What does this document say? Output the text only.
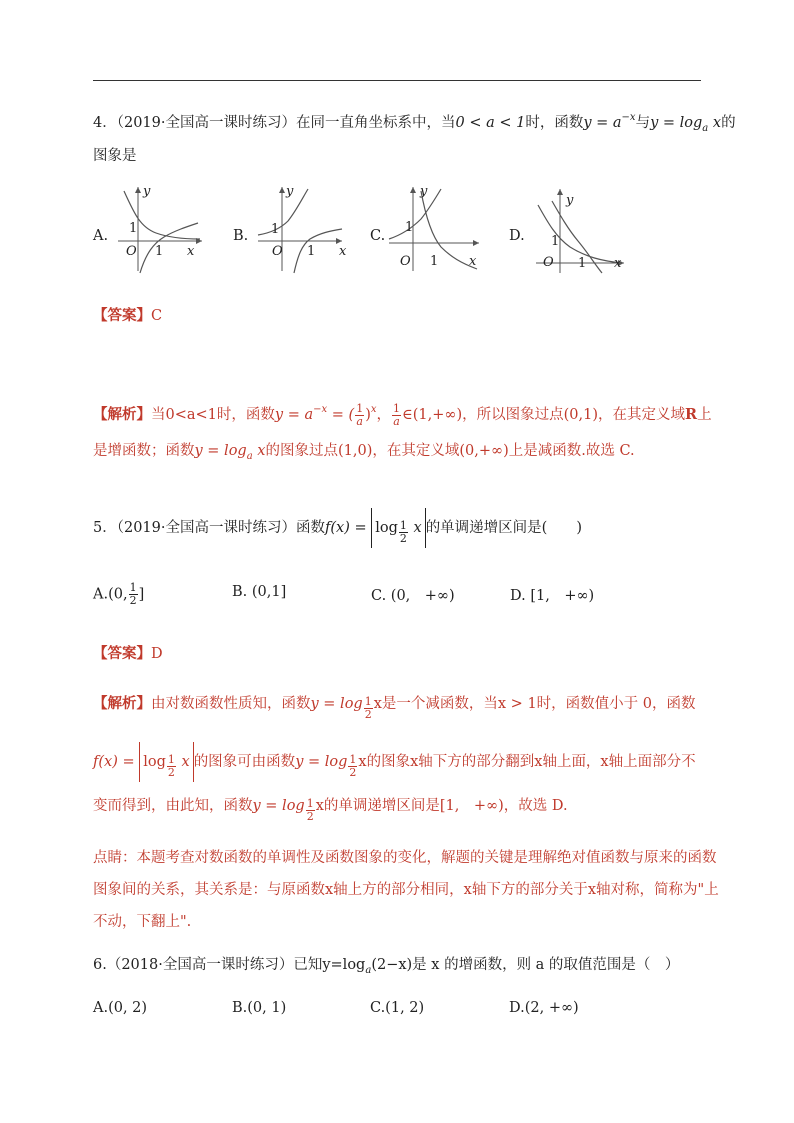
4．（2019·全国高一课时练习）在同一直角坐标系中，当0 < a < 1时，函数$y = a^{-x}$与$y = \log_a x$的
图象是
A.	B.	C.	D.
y
1
O 1 x
y
1
O 1 x
y
1
O 1 x
y
1
O 1 x
【答案】C
【解析】当0<a<1时，函数$y = a^{-x}$ = ( $\frac{1}{a} )^x$， $\frac{1}{a}$ ∈(1,+∞)，所以图象过点(0,1)，在其定义域R上
是增函数；函数$y = \log_a x$的图象过点(1,0)，在其定义域(0,+∞)上是减函数.故选 C.
5．（2019·全国高一课时练习）函数$f(x) = \log \frac{1}{2}$ x 的单调递增区间是(　　)
A.(0, $\frac{1}{2}$ ]	B. (0,1]	C. (0,　+∞)	D. [1,　+∞)
【答案】D
【解析】由对数函数性质知，函数$y = \log \frac{1}{2}$ x是一个减函数，当x > 1时，函数值小于 0，函数
$f(x) = \log \frac{1}{2}$ x 的图象可由函数$y = \log \frac{1}{2}$ x的图象x轴下方的部分翻到x轴上面，x轴上面部分不
变而得到，由此知，函数$y = \log \frac{1}{2}$ x的单调递增区间是[1,　+∞)，故选 D.
点睛：本题考查对数函数的单调性及函数图象的变化，解题的关键是理解绝对值函数与原来的函数
图象间的关系，其关系是：与原函数x轴上方的部分相同，x轴下方的部分关于x轴对称，简称为"上
不动，下翻上".
6.（2018·全国高一课时练习）已知$y=\log_a(2-x)$是 x 的增函数，则 a 的取值范围是（　）
A.(0, 2)	B.(0, 1)	C.(1, 2)	D.(2, +∞)
